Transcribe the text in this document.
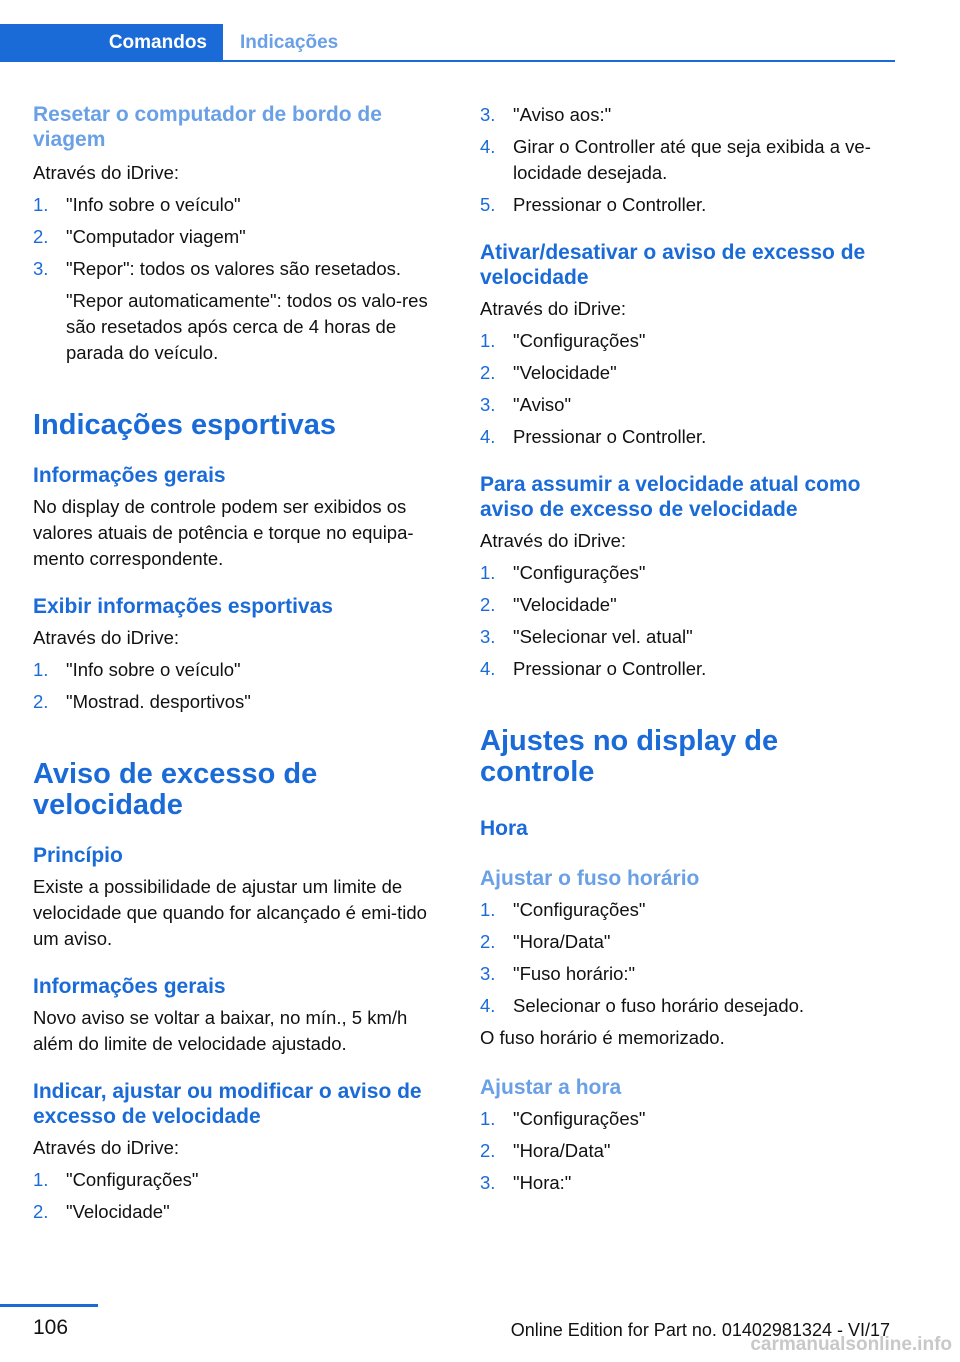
Comandos	Indicações
Resetar o computador de bordo de viagem
Através do iDrive:
1. "Info sobre o veículo"
2. "Computador viagem"
3. "Repor": todos os valores são resetados.
"Repor automaticamente": todos os valo-res são resetados após cerca de 4 horas de parada do veículo.
Indicações esportivas
Informações gerais
No display de controle podem ser exibidos os valores atuais de potência e torque no equipa-mento correspondente.
Exibir informações esportivas
Através do iDrive:
1. "Info sobre o veículo"
2. "Mostrad. desportivos"
Aviso de excesso de velocidade
Princípio
Existe a possibilidade de ajustar um limite de velocidade que quando for alcançado é emi-tido um aviso.
Informações gerais
Novo aviso se voltar a baixar, no mín., 5 km/h além do limite de velocidade ajustado.
Indicar, ajustar ou modificar o aviso de excesso de velocidade
Através do iDrive:
1. "Configurações"
2. "Velocidade"
3. "Aviso aos:"
4. Girar o Controller até que seja exibida a ve-locidade desejada.
5. Pressionar o Controller.
Ativar/desativar o aviso de excesso de velocidade
Através do iDrive:
1. "Configurações"
2. "Velocidade"
3. "Aviso"
4. Pressionar o Controller.
Para assumir a velocidade atual como aviso de excesso de velocidade
Através do iDrive:
1. "Configurações"
2. "Velocidade"
3. "Selecionar vel. atual"
4. Pressionar o Controller.
Ajustes no display de controle
Hora
Ajustar o fuso horário
1. "Configurações"
2. "Hora/Data"
3. "Fuso horário:"
4. Selecionar o fuso horário desejado.
O fuso horário é memorizado.
Ajustar a hora
1. "Configurações"
2. "Hora/Data"
3. "Hora:"
106	Online Edition for Part no. 01402981324 - VI/17
carmanualsonline.info
